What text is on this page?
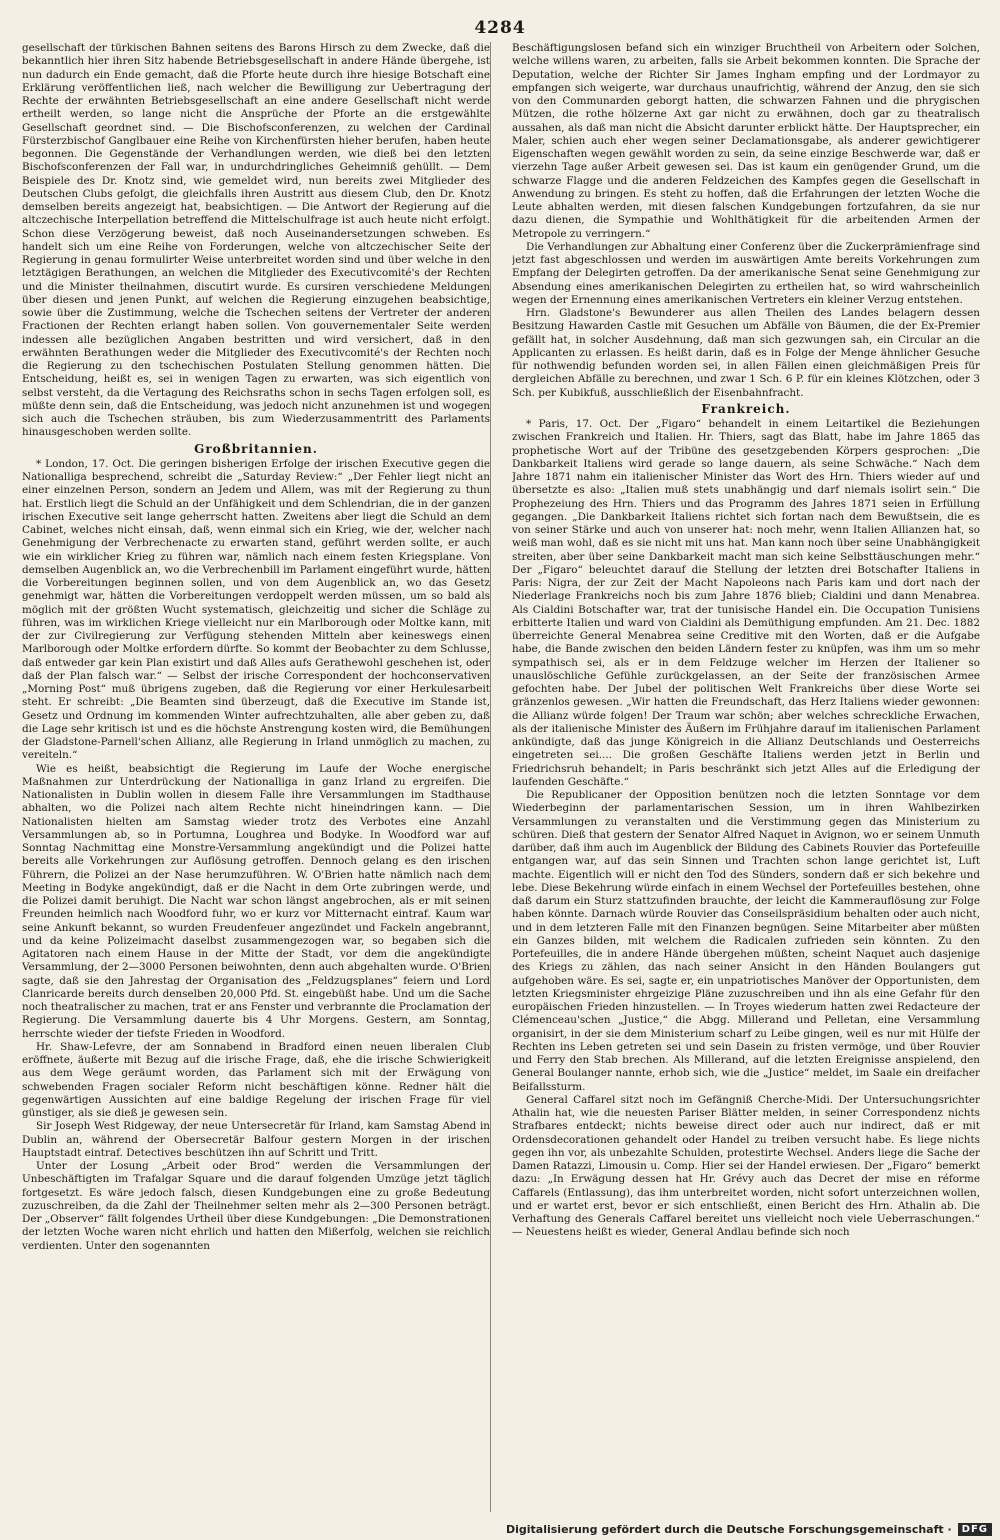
4284

gesellschaft der türkischen Bahnen seitens des Barons Hirsch zu dem Zwecke, daß die bekanntlich hier ihren Sitz habende Betriebsgesellschaft in andere Hände übergehe, ist nun dadurch ein Ende gemacht, daß die Pforte heute durch ihre hiesige Botschaft eine Erklärung veröffentlichen ließ, nach welcher die Bewilligung zur Uebertragung der Rechte der erwähnten Betriebsgesellschaft an eine andere Gesellschaft nicht werde ertheilt werden, so lange nicht die Ansprüche der Pforte an die erstgewählte Gesellschaft geordnet sind. — Die Bischofsconferenzen, zu welchen der Cardinal Fürsterzbischof Ganglbauer eine Reihe von Kirchenfürsten hieher berufen, haben heute begonnen. Die Gegenstände der Verhandlungen werden, wie dieß bei den letzten Bischofsconferenzen der Fall war, in undurchdringliches Geheimniß gehüllt. — Dem Beispiele des Dr. Knotz sind, wie gemeldet wird, nun bereits zwei Mitglieder des Deutschen Clubs gefolgt, die gleichfalls ihren Austritt aus diesem Club, den Dr. Knotz demselben bereits angezeigt hat, beabsichtigen. — Die Antwort der Regierung auf die altczechische Interpellation betreffend die Mittelschulfrage ist auch heute nicht erfolgt. Schon diese Verzögerung beweist, daß noch Auseinandersetzungen schweben. Es handelt sich um eine Reihe von Forderungen, welche von altczechischer Seite der Regierung in genau formulirter Weise unterbreitet worden sind und über welche in den letztägigen Berathungen, an welchen die Mitglieder des Executivcomité's der Rechten und die Minister theilnahmen, discutirt wurde. Es cursiren verschiedene Meldungen über diesen und jenen Punkt, auf welchen die Regierung einzugehen beabsichtige, sowie über die Zustimmung, welche die Tschechen seitens der Vertreter der anderen Fractionen der Rechten erlangt haben sollen. Von gouvernementaler Seite werden indessen alle bezüglichen Angaben bestritten und wird versichert, daß in den erwähnten Berathungen weder die Mitglieder des Executivcomité's der Rechten noch die Regierung zu den tschechischen Postulaten Stellung genommen hätten. Die Entscheidung, heißt es, sei in wenigen Tagen zu erwarten, was sich eigentlich von selbst versteht, da die Vertagung des Reichsraths schon in sechs Tagen erfolgen soll, es müßte denn sein, daß die Entscheidung, was jedoch nicht anzunehmen ist und wogegen sich auch die Tschechen sträuben, bis zum Wiederzusammentritt des Parlaments hinausgeschoben werden sollte.

Großbritannien.

* London, 17. Oct. Die geringen bisherigen Erfolge der irischen Executive gegen die Nationalliga besprechend, schreibt die „Saturday Review:“ „Der Fehler liegt nicht an einer einzelnen Person, sondern an Jedem und Allem, was mit der Regierung zu thun hat. Erstlich liegt die Schuld an der Unfähigkeit und dem Schlendrian, die in der ganzen irischen Executive seit lange geherrscht hatten. Zweitens aber liegt die Schuld an dem Cabinet, welches nicht einsah, daß, wenn einmal sich ein Krieg, wie der, welcher nach Genehmigung der Verbrechenacte zu erwarten stand, geführt werden sollte, er auch wie ein wirklicher Krieg zu führen war, nämlich nach einem festen Kriegsplane. Von demselben Augenblick an, wo die Verbrechenbill im Parlament eingeführt wurde, hätten die Vorbereitungen beginnen sollen, und von dem Augenblick an, wo das Gesetz genehmigt war, hätten die Vorbereitungen verdoppelt werden müssen, um so bald als möglich mit der größten Wucht systematisch, gleichzeitig und sicher die Schläge zu führen, was im wirklichen Kriege vielleicht nur ein Marlborough oder Moltke kann, mit der zur Civilregierung zur Verfügung stehenden Mitteln aber keineswegs einen Marlborough oder Moltke erfordern dürfte. So kommt der Beobachter zu dem Schlusse, daß entweder gar kein Plan existirt und daß Alles aufs Gerathewohl geschehen ist, oder daß der Plan falsch war.“ — Selbst der irische Correspondent der hochconservativen „Morning Post“ muß übrigens zugeben, daß die Regierung vor einer Herkulesarbeit steht. Er schreibt: „Die Beamten sind überzeugt, daß die Executive im Stande ist, Gesetz und Ordnung im kommenden Winter aufrechtzuhalten, alle aber geben zu, daß die Lage sehr kritisch ist und es die höchste Anstrengung kosten wird, die Bemühungen der Gladstone-Parnell'schen Allianz, alle Regierung in Irland unmöglich zu machen, zu vereiteln.“

Wie es heißt, beabsichtigt die Regierung im Laufe der Woche energische Maßnahmen zur Unterdrückung der Nationalliga in ganz Irland zu ergreifen. Die Nationalisten in Dublin wollen in diesem Falle ihre Versammlungen im Stadthause abhalten, wo die Polizei nach altem Rechte nicht hineindringen kann. — Die Nationalisten hielten am Samstag wieder trotz des Verbotes eine Anzahl Versammlungen ab, so in Portumna, Loughrea und Bodyke. In Woodford war auf Sonntag Nachmittag eine Monstre-Versammlung angekündigt und die Polizei hatte bereits alle Vorkehrungen zur Auflösung getroffen. Dennoch gelang es den irischen Führern, die Polizei an der Nase herumzuführen. W. O'Brien hatte nämlich nach dem Meeting in Bodyke angekündigt, daß er die Nacht in dem Orte zubringen werde, und die Polizei damit beruhigt. Die Nacht war schon längst angebrochen, als er mit seinen Freunden heimlich nach Woodford fuhr, wo er kurz vor Mitternacht eintraf. Kaum war seine Ankunft bekannt, so wurden Freudenfeuer angezündet und Fackeln angebrannt, und da keine Polizeimacht daselbst zusammengezogen war, so begaben sich die Agitatoren nach einem Hause in der Mitte der Stadt, vor dem die angekündigte Versammlung, der 2—3000 Personen beiwohnten, denn auch abgehalten wurde. O'Brien sagte, daß sie den Jahrestag der Organisation des „Feldzugsplanes“ feiern und Lord Clanricarde bereits durch denselben 20,000 Pfd. St. eingebüßt habe. Und um die Sache noch theatralischer zu machen, trat er ans Fenster und verbrannte die Proclamation der Regierung. Die Versammlung dauerte bis 4 Uhr Morgens. Gestern, am Sonntag, herrschte wieder der tiefste Frieden in Woodford.

Hr. Shaw-Lefevre, der am Sonnabend in Bradford einen neuen liberalen Club eröffnete, äußerte mit Bezug auf die irische Frage, daß, ehe die irische Schwierigkeit aus dem Wege geräumt worden, das Parlament sich mit der Erwägung von schwebenden Fragen socialer Reform nicht beschäftigen könne. Redner hält die gegenwärtigen Aussichten auf eine baldige Regelung der irischen Frage für viel günstiger, als sie dieß je gewesen sein.

Sir Joseph West Ridgeway, der neue Untersecretär für Irland, kam Samstag Abend in Dublin an, während der Obersecretär Balfour gestern Morgen in der irischen Hauptstadt eintraf. Detectives beschützen ihn auf Schritt und Tritt.

Unter der Losung „Arbeit oder Brod“ werden die Versammlungen der Unbeschäftigten im Trafalgar Square und die darauf folgenden Umzüge jetzt täglich fortgesetzt. Es wäre jedoch falsch, diesen Kundgebungen eine zu große Bedeutung zuzuschreiben, da die Zahl der Theilnehmer selten mehr als 2—300 Personen beträgt. Der „Observer“ fällt folgendes Urtheil über diese Kundgebungen: „Die Demonstrationen der letzten Woche waren nicht ehrlich und hatten den Mißerfolg, welchen sie reichlich verdienten. Unter den sogenannten

Beschäftigungslosen befand sich ein winziger Bruchtheil von Arbeitern oder Solchen, welche willens waren, zu arbeiten, falls sie Arbeit bekommen konnten. Die Sprache der Deputation, welche der Richter Sir James Ingham empfing und der Lordmayor zu empfangen sich weigerte, war durchaus unaufrichtig, während der Anzug, den sie sich von den Communarden geborgt hatten, die schwarzen Fahnen und die phrygischen Mützen, die rothe hölzerne Axt gar nicht zu erwähnen, doch gar zu theatralisch aussahen, als daß man nicht die Absicht darunter erblickt hätte. Der Hauptsprecher, ein Maler, schien auch eher wegen seiner Declamationsgabe, als anderer gewichtigerer Eigenschaften wegen gewählt worden zu sein, da seine einzige Beschwerde war, daß er vierzehn Tage außer Arbeit gewesen sei. Das ist kaum ein genügender Grund, um die schwarze Flagge und die anderen Feldzeichen des Kampfes gegen die Gesellschaft in Anwendung zu bringen. Es steht zu hoffen, daß die Erfahrungen der letzten Woche die Leute abhalten werden, mit diesen falschen Kundgebungen fortzufahren, da sie nur dazu dienen, die Sympathie und Wohlthätigkeit für die arbeitenden Armen der Metropole zu verringern.“

Die Verhandlungen zur Abhaltung einer Conferenz über die Zuckerprämienfrage sind jetzt fast abgeschlossen und werden im auswärtigen Amte bereits Vorkehrungen zum Empfang der Delegirten getroffen. Da der amerikanische Senat seine Genehmigung zur Absendung eines amerikanischen Delegirten zu ertheilen hat, so wird wahrscheinlich wegen der Ernennung eines amerikanischen Vertreters ein kleiner Verzug entstehen.

Hrn. Gladstone's Bewunderer aus allen Theilen des Landes belagern dessen Besitzung Hawarden Castle mit Gesuchen um Abfälle von Bäumen, die der Ex-Premier gefällt hat, in solcher Ausdehnung, daß man sich gezwungen sah, ein Circular an die Applicanten zu erlassen. Es heißt darin, daß es in Folge der Menge ähnlicher Gesuche für nothwendig befunden worden sei, in allen Fällen einen gleichmäßigen Preis für dergleichen Abfälle zu berechnen, und zwar 1 Sch. 6 P. für ein kleines Klötzchen, oder 3 Sch. per Kubikfuß, ausschließlich der Eisenbahnfracht.

Frankreich.

* Paris, 17. Oct. Der „Figaro“ behandelt in einem Leitartikel die Beziehungen zwischen Frankreich und Italien. Hr. Thiers, sagt das Blatt, habe im Jahre 1865 das prophetische Wort auf der Tribüne des gesetzgebenden Körpers gesprochen: „Die Dankbarkeit Italiens wird gerade so lange dauern, als seine Schwäche.“ Nach dem Jahre 1871 nahm ein italienischer Minister das Wort des Hrn. Thiers wieder auf und übersetzte es also: „Italien muß stets unabhängig und darf niemals isolirt sein.“ Die Prophezeiung des Hrn. Thiers und das Programm des Jahres 1871 seien in Erfüllung gegangen. „Die Dankbarkeit Italiens richtet sich fortan nach dem Bewußtsein, die es von seiner Stärke und auch von unserer hat: noch mehr, wenn Italien Allianzen hat, so weiß man wohl, daß es sie nicht mit uns hat. Man kann noch über seine Unabhängigkeit streiten, aber über seine Dankbarkeit macht man sich keine Selbsttäuschungen mehr.“ Der „Figaro“ beleuchtet darauf die Stellung der letzten drei Botschafter Italiens in Paris: Nigra, der zur Zeit der Macht Napoleons nach Paris kam und dort nach der Niederlage Frankreichs noch bis zum Jahre 1876 blieb; Cialdini und dann Menabrea. Als Cialdini Botschafter war, trat der tunisische Handel ein. Die Occupation Tunisiens erbitterte Italien und ward von Cialdini als Demüthigung empfunden. Am 21. Dec. 1882 überreichte General Menabrea seine Creditive mit den Worten, daß er die Aufgabe habe, die Bande zwischen den beiden Ländern fester zu knüpfen, was ihm um so mehr sympathisch sei, als er in dem Feldzuge welcher im Herzen der Italiener so unauslöschliche Gefühle zurückgelassen, an der Seite der französischen Armee gefochten habe. Der Jubel der politischen Welt Frankreichs über diese Worte sei gränzenlos gewesen. „Wir hatten die Freundschaft, das Herz Italiens wieder gewonnen: die Allianz würde folgen! Der Traum war schön; aber welches schreckliche Erwachen, als der italienische Minister des Äußern im Frühjahre darauf im italienischen Parlament ankündigte, daß das junge Königreich in die Allianz Deutschlands und Oesterreichs eingetreten sei.... Die großen Geschäfte Italiens werden jetzt in Berlin und Friedrichsruh behandelt; in Paris beschränkt sich jetzt Alles auf die Erledigung der laufenden Geschäfte.“

Die Republicaner der Opposition benützen noch die letzten Sonntage vor dem Wiederbeginn der parlamentarischen Session, um in ihren Wahlbezirken Versammlungen zu veranstalten und die Verstimmung gegen das Ministerium zu schüren. Dieß that gestern der Senator Alfred Naquet in Avignon, wo er seinem Unmuth darüber, daß ihm auch im Augenblick der Bildung des Cabinets Rouvier das Portefeuille entgangen war, auf das sein Sinnen und Trachten schon lange gerichtet ist, Luft machte. Eigentlich will er nicht den Tod des Sünders, sondern daß er sich bekehre und lebe. Diese Bekehrung würde einfach in einem Wechsel der Portefeuilles bestehen, ohne daß darum ein Sturz stattzufinden brauchte, der leicht die Kammerauflösung zur Folge haben könnte. Darnach würde Rouvier das Conseilspräsidium behalten oder auch nicht, und in dem letzteren Falle mit den Finanzen begnügen. Seine Mitarbeiter aber müßten ein Ganzes bilden, mit welchem die Radicalen zufrieden sein könnten. Zu den Portefeuilles, die in andere Hände übergehen müßten, scheint Naquet auch dasjenige des Kriegs zu zählen, das nach seiner Ansicht in den Händen Boulangers gut aufgehoben wäre. Es sei, sagte er, ein unpatriotisches Manöver der Opportunisten, dem letzten Kriegsminister ehrgeizige Pläne zuzuschreiben und ihn als eine Gefahr für den europäischen Frieden hinzustellen. — In Troyes wiederum hatten zwei Redacteure der Clémenceau'schen „Justice,“ die Abgg. Millerand und Pelletan, eine Versammlung organisirt, in der sie dem Ministerium scharf zu Leibe gingen, weil es nur mit Hülfe der Rechten ins Leben getreten sei und sein Dasein zu fristen vermöge, und über Rouvier und Ferry den Stab brechen. Als Millerand, auf die letzten Ereignisse anspielend, den General Boulanger nannte, erhob sich, wie die „Justice“ meldet, im Saale ein dreifacher Beifallssturm.

General Caffarel sitzt noch im Gefängniß Cherche-Midi. Der Untersuchungsrichter Athalin hat, wie die neuesten Pariser Blätter melden, in seiner Correspondenz nichts Strafbares entdeckt; nichts beweise direct oder auch nur indirect, daß er mit Ordensdecorationen gehandelt oder Handel zu treiben versucht habe. Es liege nichts gegen ihn vor, als unbezahlte Schulden, protestirte Wechsel. Anders liege die Sache der Damen Ratazzi, Limousin u. Comp. Hier sei der Handel erwiesen. Der „Figaro“ bemerkt dazu: „In Erwägung dessen hat Hr. Grévy auch das Decret der mise en réforme Caffarels (Entlassung), das ihm unterbreitet worden, nicht sofort unterzeichnen wollen, und er wartet erst, bevor er sich entschließt, einen Bericht des Hrn. Athalin ab. Die Verhaftung des Generals Caffarel bereitet uns vielleicht noch viele Ueberraschungen.“ — Neuestens heißt es wieder, General Andlau befinde sich noch

Digitalisierung gefördert durch die Deutsche Forschungsgemeinschaft ·	DFG
